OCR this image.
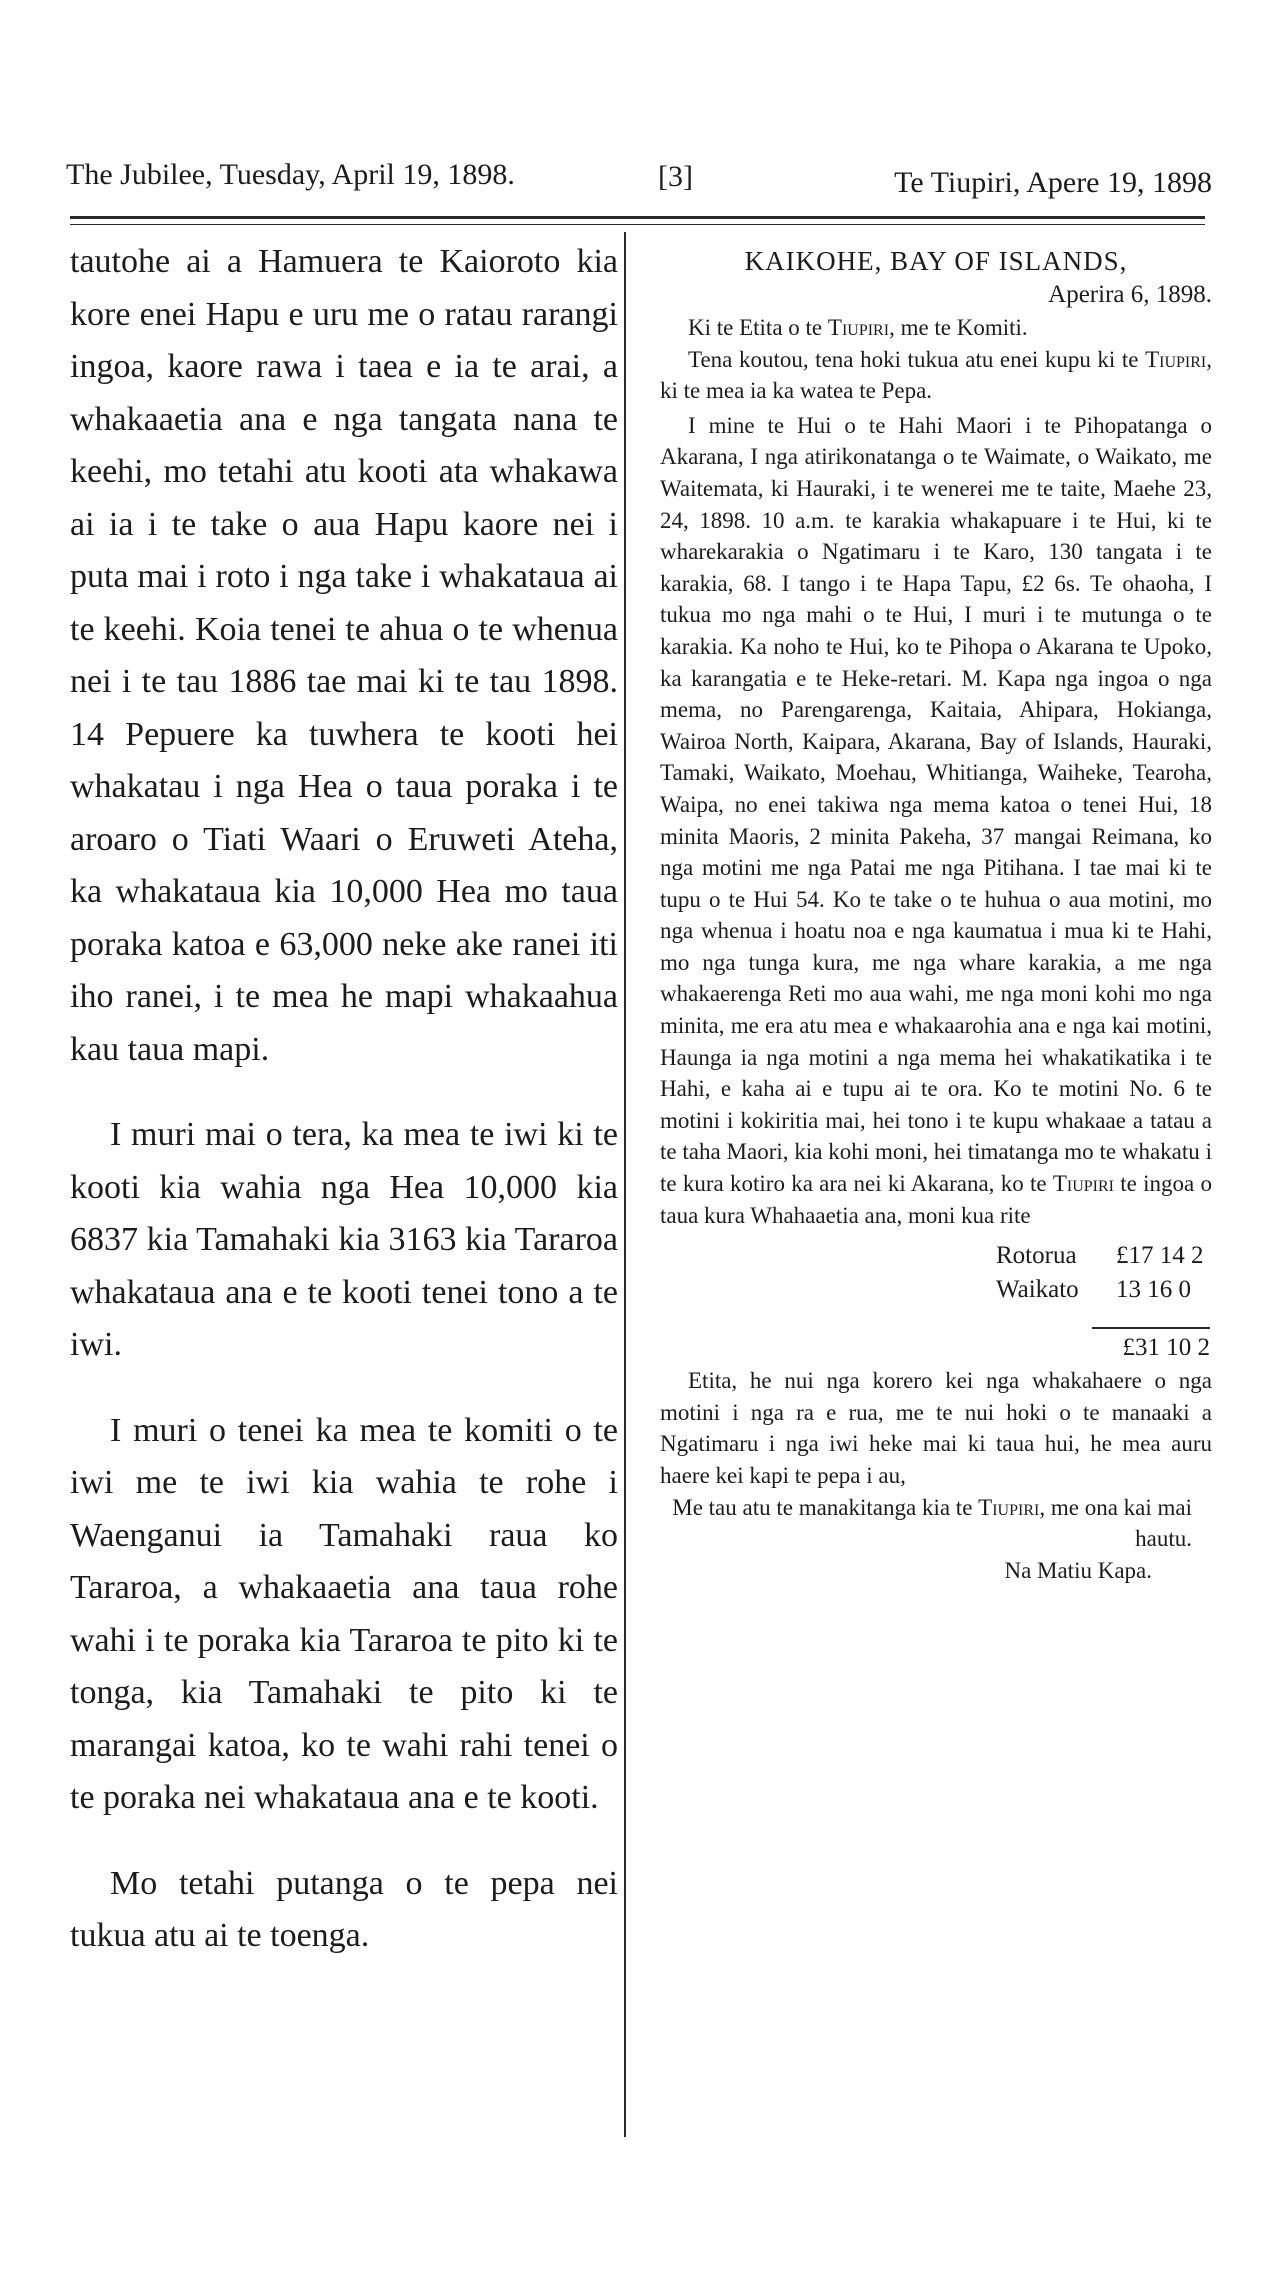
The Jubilee, Tuesday, April 19, 1898.	[3]	Te Tiupiri, Apere 19, 1898

tautohe ai a Hamuera te Kaioroto kia kore enei Hapu e uru me o ratau rarangi ingoa, kaore rawa i taea e ia te arai, a whakaaetia ana e nga tangata nana te keehi, mo tetahi atu kooti ata whakawa ai ia i te take o aua Hapu kaore nei i puta mai i roto i nga take i whakataua ai te keehi. Koia tenei te ahua o te whenua nei i te tau 1886 tae mai ki te tau 1898. 14 Pepuere ka tuwhera te kooti hei whakatau i nga Hea o taua poraka i te aroaro o Tiati Waari o Eruweti Ateha, ka whakataua kia 10,000 Hea mo taua poraka katoa e 63,000 neke ake ranei iti iho ranei, i te mea he mapi whakaahua kau taua mapi.

I muri mai o tera, ka mea te iwi ki te kooti kia wahia nga Hea 10,000 kia 6837 kia Tamahaki kia 3163 kia Tararoa whakataua ana e te kooti tenei tono a te iwi.

I muri o tenei ka mea te komiti o te iwi me te iwi kia wahia te rohe i Waenganui ia Tamahaki raua ko Tararoa, a whakaaetia ana taua rohe wahi i te poraka kia Tararoa te pito ki te tonga, kia Tamahaki te pito ki te marangai katoa, ko te wahi rahi tenei o te poraka nei whakataua ana e te kooti.

Mo tetahi putanga o te pepa nei tukua atu ai te toenga.

KAIKOHE, BAY OF ISLANDS,

Aperira 6, 1898.

Ki te Etita o te Tiupiri, me te Komiti.

Tena koutou, tena hoki tukua atu enei kupu ki te Tiupiri, ki te mea ia ka watea te Pepa.

I mine te Hui o te Hahi Maori i te Pihopatanga o Akarana, I nga atirikonatanga o te Waimate, o Waikato, me Waitemata, ki Hauraki, i te wenerei me te taite, Maehe 23, 24, 1898. 10 a.m. te karakia whakapuare i te Hui, ki te wharekarakia o Ngatimaru i te Karo, 130 tangata i te karakia, 68. I tango i te Hapa Tapu, £2 6s. Te ohaoha, I tukua mo nga mahi o te Hui, I muri i te mutunga o te karakia. Ka noho te Hui, ko te Pihopa o Akarana te Upoko, ka karangatia e te Heke-retari. M. Kapa nga ingoa o nga mema, no Parengarenga, Kaitaia, Ahipara, Hokianga, Wairoa North, Kaipara, Akarana, Bay of Islands, Hauraki, Tamaki, Waikato, Moehau, Whitianga, Waiheke, Tearoha, Waipa, no enei takiwa nga mema katoa o tenei Hui, 18 minita Maoris, 2 minita Pakeha, 37 mangai Reimana, ko nga motini me nga Patai me nga Pitihana. I tae mai ki te tupu o te Hui 54. Ko te take o te huhua o aua motini, mo nga whenua i hoatu noa e nga kaumatua i mua ki te Hahi, mo nga tunga kura, me nga whare karakia, a me nga whakaerenga Reti mo aua wahi, me nga moni kohi mo nga minita, me era atu mea e whakaarohia ana e nga kai motini, Haunga ia nga motini a nga mema hei whakatikatika i te Hahi, e kaha ai e tupu ai te ora. Ko te motini No. 6 te motini i kokiritia mai, hei tono i te kupu whakaae a tatau a te taha Maori, kia kohi moni, hei timatanga mo te whakatu i te kura kotiro ka ara nei ki Akarana, ko te Tiupiri te ingoa o taua kura Whahaaetia ana, moni kua rite

Rotorua	£17 14 2
Waikato	13 16 0
£31 10 2

Etita, he nui nga korero kei nga whakahaere o nga motini i nga ra e rua, me te nui hoki o te manaaki a Ngatimaru i nga iwi heke mai ki taua hui, he mea auru haere kei kapi te pepa i au,

Me tau atu te manakitanga kia te Tiupiri, me ona kai mai hautu.

Na Matiu Kapa.
